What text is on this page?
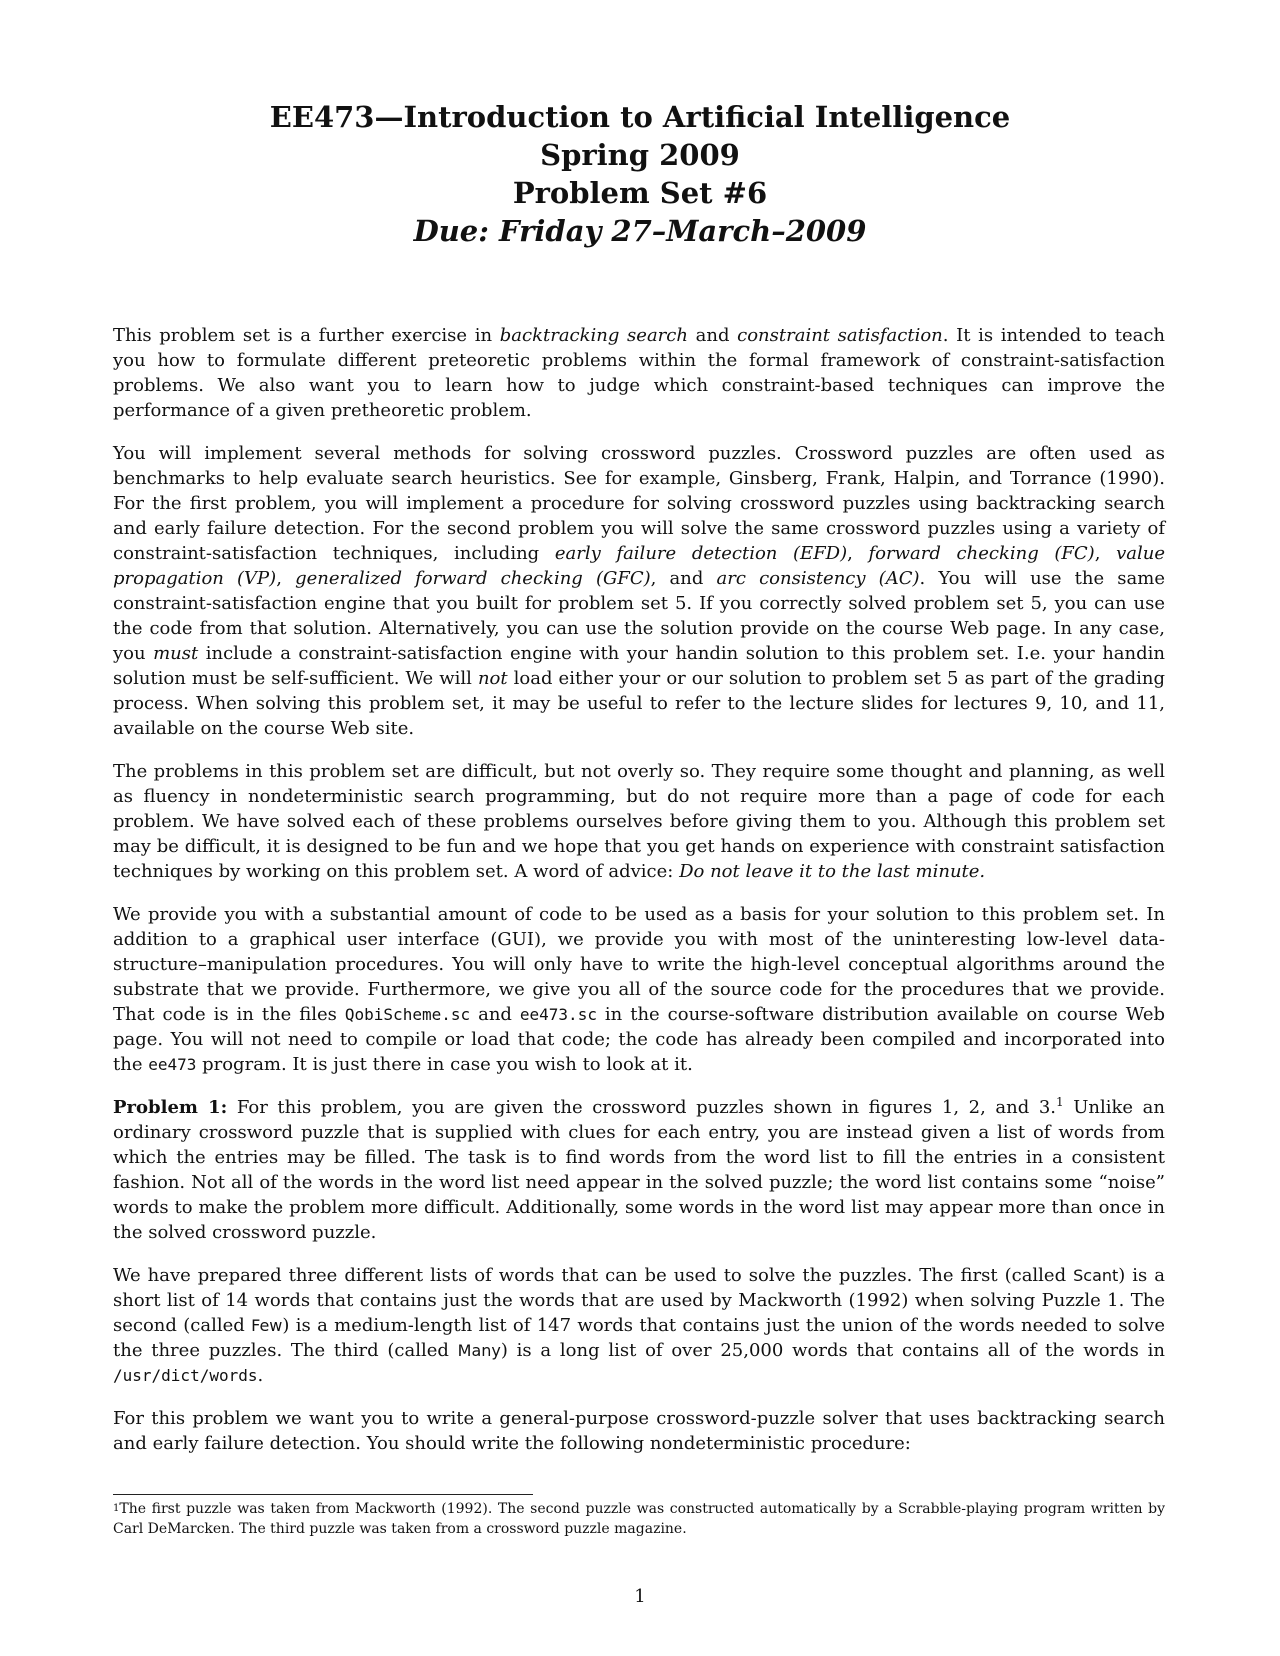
EE473—Introduction to Artificial Intelligence
Spring 2009
Problem Set #6
Due: Friday 27–March–2009

This problem set is a further exercise in backtracking search and constraint satisfaction. It is intended to teach you how to formulate different preteoretic problems within the formal framework of constraint-satisfaction problems. We also want you to learn how to judge which constraint-based techniques can improve the performance of a given pretheoretic problem.

You will implement several methods for solving crossword puzzles. Crossword puzzles are often used as benchmarks to help evaluate search heuristics. See for example, Ginsberg, Frank, Halpin, and Torrance (1990). For the first problem, you will implement a procedure for solving crossword puzzles using backtracking search and early failure detection. For the second problem you will solve the same crossword puzzles using a variety of constraint-satisfaction techniques, including early failure detection (EFD), forward checking (FC), value propagation (VP), generalized forward checking (GFC), and arc consistency (AC). You will use the same constraint-satisfaction engine that you built for problem set 5. If you correctly solved problem set 5, you can use the code from that solution. Alternatively, you can use the solution provide on the course Web page. In any case, you must include a constraint-satisfaction engine with your handin solution to this problem set. I.e. your handin solution must be self-sufficient. We will not load either your or our solution to problem set 5 as part of the grading process. When solving this problem set, it may be useful to refer to the lecture slides for lectures 9, 10, and 11, available on the course Web site.

The problems in this problem set are difficult, but not overly so. They require some thought and planning, as well as fluency in nondeterministic search programming, but do not require more than a page of code for each problem. We have solved each of these problems ourselves before giving them to you. Although this problem set may be difficult, it is designed to be fun and we hope that you get hands on experience with constraint satisfaction techniques by working on this problem set. A word of advice: Do not leave it to the last minute.

We provide you with a substantial amount of code to be used as a basis for your solution to this problem set. In addition to a graphical user interface (GUI), we provide you with most of the uninteresting low-level data-structure–manipulation procedures. You will only have to write the high-level conceptual algorithms around the substrate that we provide. Furthermore, we give you all of the source code for the procedures that we provide. That code is in the files QobiScheme.sc and ee473.sc in the course-software distribution available on course Web page. You will not need to compile or load that code; the code has already been compiled and incorporated into the ee473 program. It is just there in case you wish to look at it.

Problem 1: For this problem, you are given the crossword puzzles shown in figures 1, 2, and 3.$^1$ Unlike an ordinary crossword puzzle that is supplied with clues for each entry, you are instead given a list of words from which the entries may be filled. The task is to find words from the word list to fill the entries in a consistent fashion. Not all of the words in the word list need appear in the solved puzzle; the word list contains some “noise” words to make the problem more difficult. Additionally, some words in the word list may appear more than once in the solved crossword puzzle.

We have prepared three different lists of words that can be used to solve the puzzles. The first (called Scant) is a short list of 14 words that contains just the words that are used by Mackworth (1992) when solving Puzzle 1. The second (called Few) is a medium-length list of 147 words that contains just the union of the words needed to solve the three puzzles. The third (called Many) is a long list of over 25,000 words that contains all of the words in /usr/dict/words.

For this problem we want you to write a general-purpose crossword-puzzle solver that uses backtracking search and early failure detection. You should write the following nondeterministic procedure:

$^1$The first puzzle was taken from Mackworth (1992). The second puzzle was constructed automatically by a Scrabble-playing program written by Carl DeMarcken. The third puzzle was taken from a crossword puzzle magazine.
1
